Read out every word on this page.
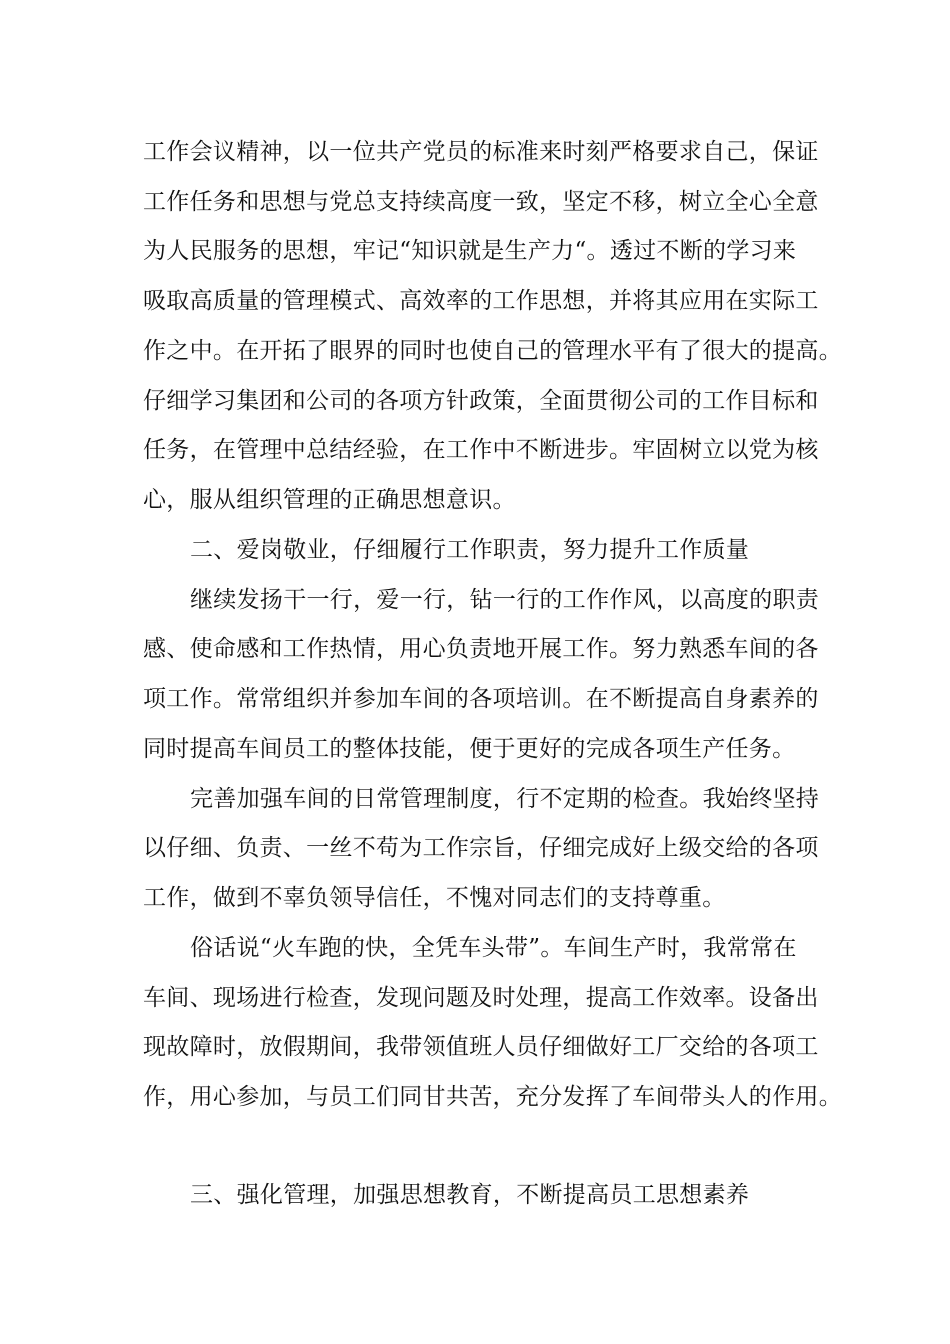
工作会议精神，以一位共产党员的标准来时刻严格要求自己，保证
工作任务和思想与党总支持续高度一致，坚定不移，树立全心全意
为人民服务的思想，牢记“知识就是生产力“。透过不断的学习来
吸取高质量的管理模式、高效率的工作思想，并将其应用在实际工
作之中。在开拓了眼界的同时也使自己的管理水平有了很大的提高。
仔细学习集团和公司的各项方针政策，全面贯彻公司的工作目标和
任务，在管理中总结经验，在工作中不断进步。牢固树立以党为核
心，服从组织管理的正确思想意识。
二、爱岗敬业，仔细履行工作职责，努力提升工作质量
继续发扬干一行，爱一行，钻一行的工作作风，以高度的职责
感、使命感和工作热情，用心负责地开展工作。努力熟悉车间的各
项工作。常常组织并参加车间的各项培训。在不断提高自身素养的
同时提高车间员工的整体技能，便于更好的完成各项生产任务。
完善加强车间的日常管理制度，行不定期的检查。我始终坚持
以仔细、负责、一丝不苟为工作宗旨，仔细完成好上级交给的各项
工作，做到不辜负领导信任，不愧对同志们的支持尊重。
俗话说“火车跑的快，全凭车头带”。车间生产时，我常常在
车间、现场进行检查，发现问题及时处理，提高工作效率。设备出
现故障时，放假期间，我带领值班人员仔细做好工厂交给的各项工
作，用心参加，与员工们同甘共苦，充分发挥了车间带头人的作用。
三、强化管理，加强思想教育，不断提高员工思想素养
